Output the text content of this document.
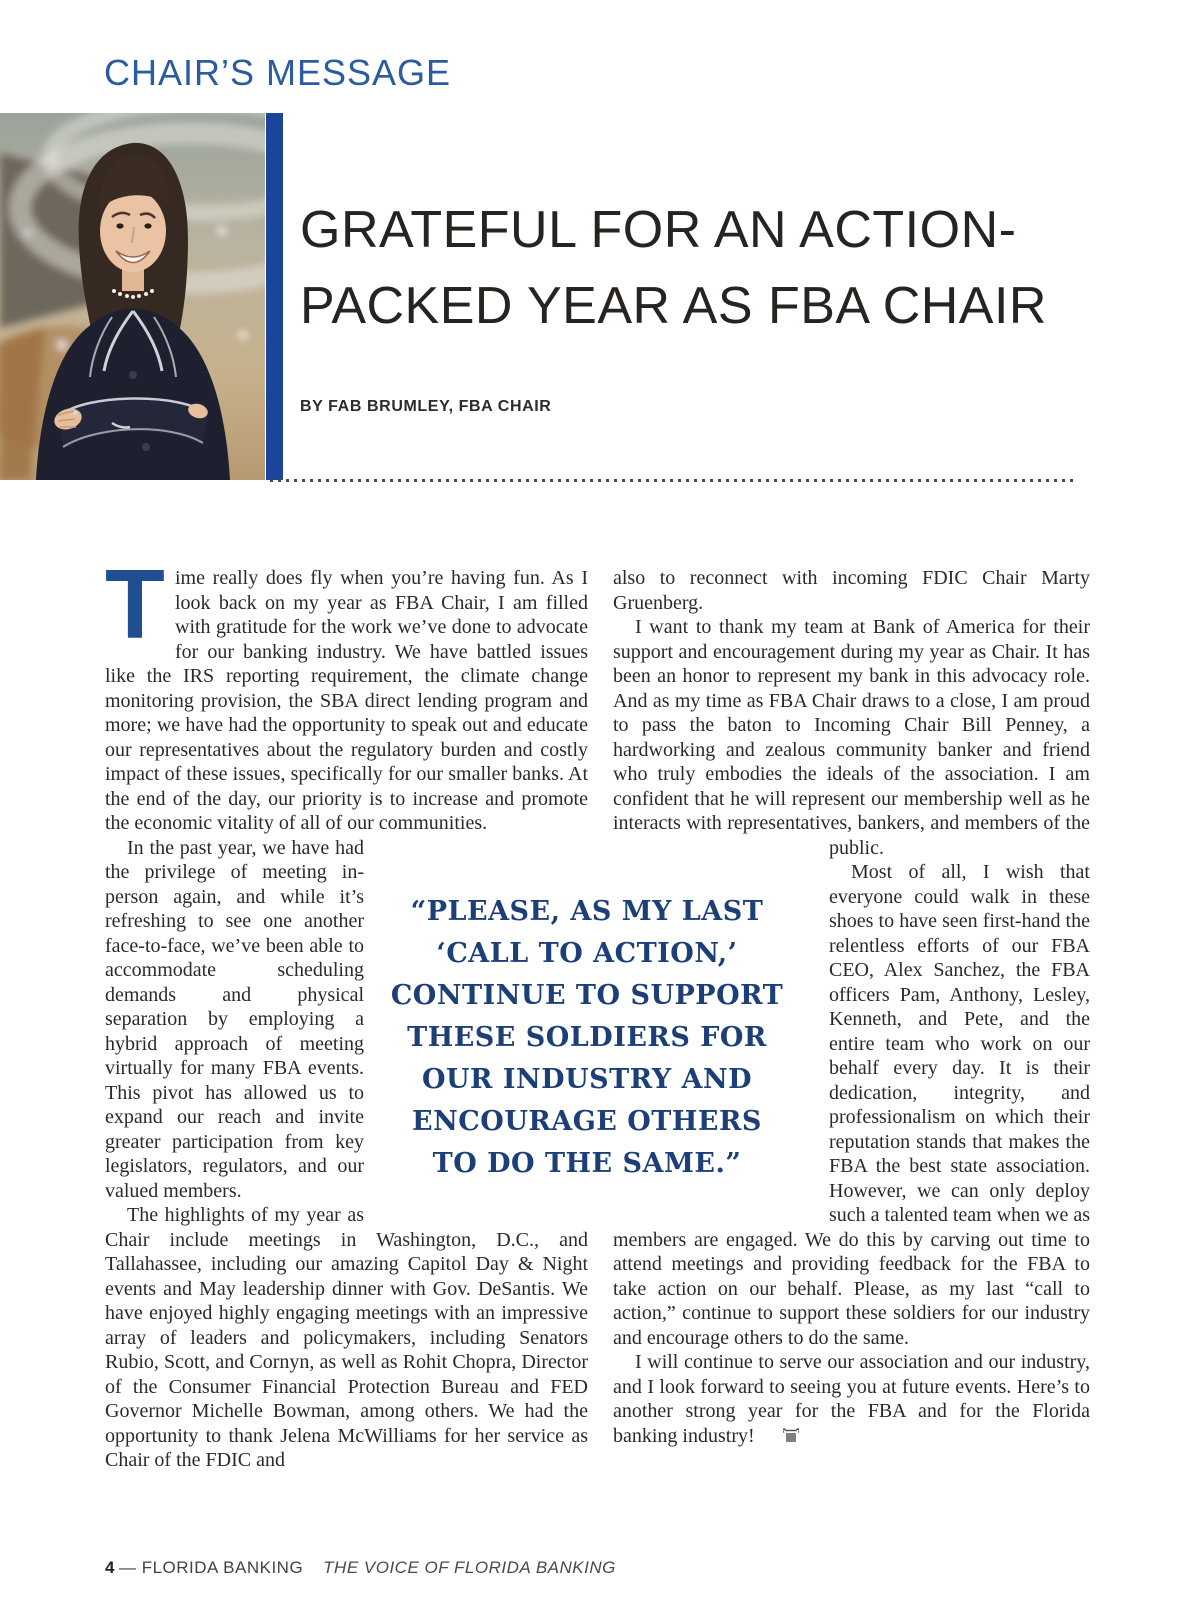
CHAIR’S MESSAGE
GRATEFUL FOR AN ACTION-
PACKED YEAR AS FBA CHAIR
BY FAB BRUMLEY, FBA CHAIR

Time really does fly when you’re having fun. As I look back on my year as FBA Chair, I am filled with gratitude for the work we’ve done to advocate for our banking industry. We have battled issues like the IRS reporting requirement, the climate change monitoring provision, the SBA direct lending program and more; we have had the opportunity to speak out and educate our representatives about the regulatory burden and costly impact of these issues, specifically for our smaller banks. At the end of the day, our priority is to increase and promote the economic vitality of all of our communities.

In the past year, we have had the privilege of meeting in-person again, and while it’s refreshing to see one another face-to-face, we’ve been able to accommodate scheduling demands and physical separation by employing a hybrid approach of meeting virtually for many FBA events. This pivot has allowed us to expand our reach and invite greater participation from key legislators, regulators, and our valued members.

The highlights of my year as Chair include meetings in Washington, D.C., and Tallahassee, including our amazing Capitol Day & Night events and May leadership dinner with Gov. DeSantis. We have enjoyed highly engaging meetings with an impressive array of leaders and policymakers, including Senators Rubio, Scott, and Cornyn, as well as Rohit Chopra, Director of the Consumer Financial Protection Bureau and FED Governor Michelle Bowman, among others. We had the opportunity to thank Jelena McWilliams for her service as Chair of the FDIC and

also to reconnect with incoming FDIC Chair Marty Gruenberg.

I want to thank my team at Bank of America for their support and encouragement during my year as Chair. It has been an honor to represent my bank in this advocacy role. And as my time as FBA Chair draws to a close, I am proud to pass the baton to Incoming Chair Bill Penney, a hardworking and zealous community banker and friend who truly embodies the ideals of the association. I am confident that he will represent our membership well as he interacts with representatives, bankers, and members of the public.

Most of all, I wish that everyone could walk in these shoes to have seen first-hand the relentless efforts of our FBA CEO, Alex Sanchez, the FBA officers Pam, Anthony, Lesley, Kenneth, and Pete, and the entire team who work on our behalf every day. It is their dedication, integrity, and professionalism on which their reputation stands that makes the FBA the best state association. However, we can only deploy such a talented team when we as members are engaged. We do this by carving out time to attend meetings and providing feedback for the FBA to take action on our behalf. Please, as my last “call to action,” continue to support these soldiers for our industry and encourage others to do the same.

I will continue to serve our association and our industry, and I look forward to seeing you at future events. Here’s to another strong year for the FBA and for the Florida banking industry!

“PLEASE, AS MY LAST
‘CALL TO ACTION,’
CONTINUE TO SUPPORT
THESE SOLDIERS FOR
OUR INDUSTRY AND
ENCOURAGE OTHERS
TO DO THE SAME.”
4 — FLORIDA BANKING THE VOICE OF FLORIDA BANKING
